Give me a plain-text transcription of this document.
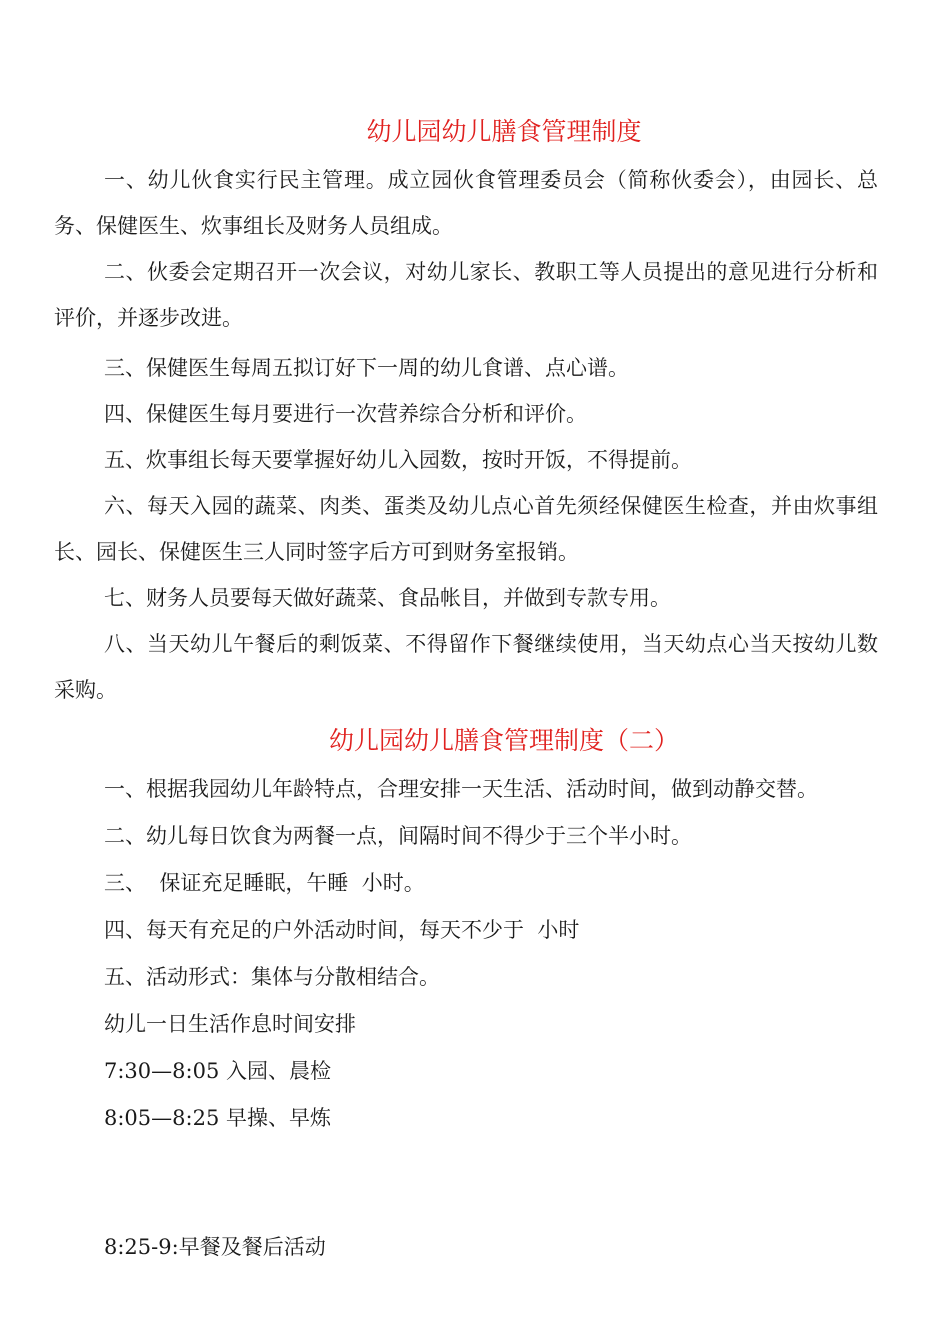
幼儿园幼儿膳食管理制度

一、幼儿伙食实行民主管理。成立园伙食管理委员会（简称伙委会），由园长、总务、保健医生、炊事组长及财务人员组成。

二、伙委会定期召开一次会议，对幼儿家长、教职工等人员提出的意见进行分析和评价，并逐步改进。

三、保健医生每周五拟订好下一周的幼儿食谱、点心谱。

四、保健医生每月要进行一次营养综合分析和评价。

五、炊事组长每天要掌握好幼儿入园数，按时开饭，不得提前。

六、每天入园的蔬菜、肉类、蛋类及幼儿点心首先须经保健医生检查，并由炊事组长、园长、保健医生三人同时签字后方可到财务室报销。

七、财务人员要每天做好蔬菜、食品帐目，并做到专款专用。

八、当天幼儿午餐后的剩饭菜、不得留作下餐继续使用，当天幼点心当天按幼儿数采购。

幼儿园幼儿膳食管理制度（二）

一、根据我园幼儿年龄特点，合理安排一天生活、活动时间，做到动静交替。

二、幼儿每日饮食为两餐一点，间隔时间不得少于三个半小时。

三、  保证充足睡眠，午睡  小时。

四、每天有充足的户外活动时间，每天不少于  小时

五、活动形式：集体与分散相结合。

幼儿一日生活作息时间安排

7:30—8:05 入园、晨检

8:05—8:25 早操、早炼

8:25-9:早餐及餐后活动
